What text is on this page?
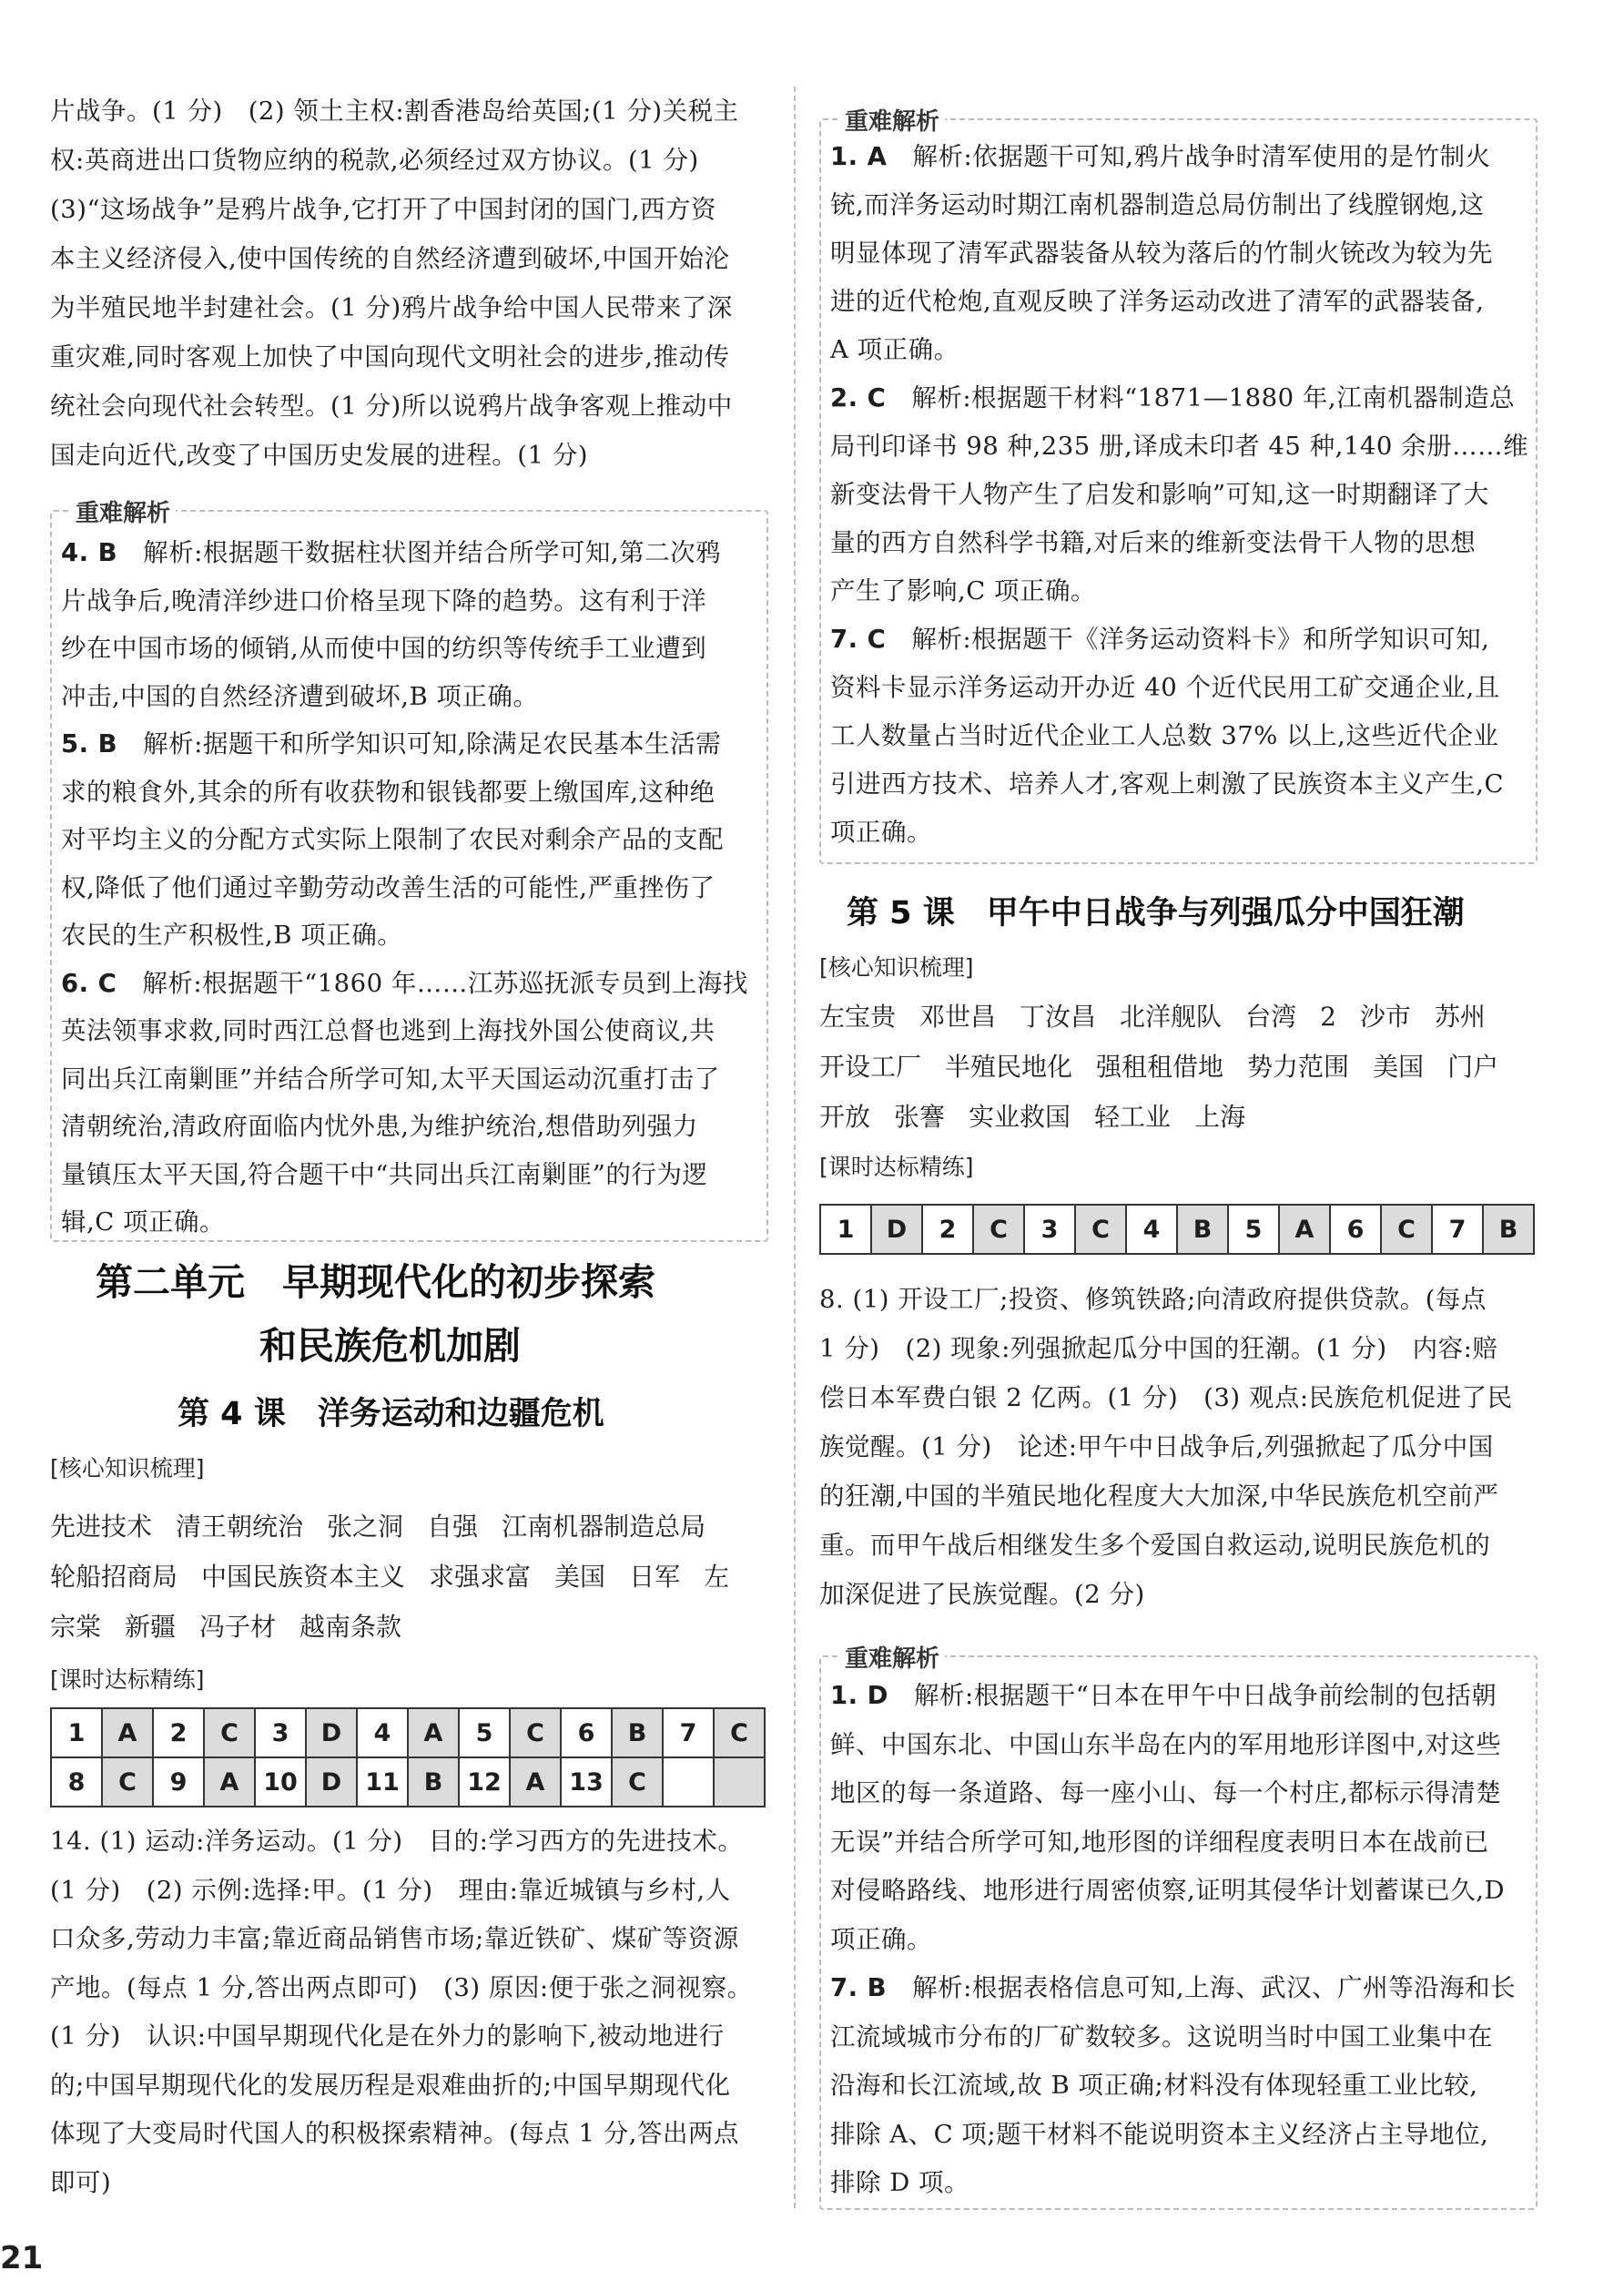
片战争。(1 分)　(2) 领土主权:割香港岛给英国;(1 分)关税主
权:英商进出口货物应纳的税款,必须经过双方协议。(1 分)
(3)“这场战争”是鸦片战争,它打开了中国封闭的国门,西方资
本主义经济侵入,使中国传统的自然经济遭到破坏,中国开始沦
为半殖民地半封建社会。(1 分)鸦片战争给中国人民带来了深
重灾难,同时客观上加快了中国向现代文明社会的进步,推动传
统社会向现代社会转型。(1 分)所以说鸦片战争客观上推动中
国走向近代,改变了中国历史发展的进程。(1 分)
重难解析
4. B　解析:根据题干数据柱状图并结合所学可知,第二次鸦
片战争后,晚清洋纱进口价格呈现下降的趋势。这有利于洋
纱在中国市场的倾销,从而使中国的纺织等传统手工业遭到
冲击,中国的自然经济遭到破坏,B 项正确。
5. B　解析:据题干和所学知识可知,除满足农民基本生活需
求的粮食外,其余的所有收获物和银钱都要上缴国库,这种绝
对平均主义的分配方式实际上限制了农民对剩余产品的支配
权,降低了他们通过辛勤劳动改善生活的可能性,严重挫伤了
农民的生产积极性,B 项正确。
6. C　解析:根据题干“1860 年……江苏巡抚派专员到上海找
英法领事求救,同时西江总督也逃到上海找外国公使商议,共
同出兵江南剿匪”并结合所学可知,太平天国运动沉重打击了
清朝统治,清政府面临内忧外患,为维护统治,想借助列强力
量镇压太平天国,符合题干中“共同出兵江南剿匪”的行为逻
辑,C 项正确。
第二单元　早期现代化的初步探索
和民族危机加剧
第 4 课　洋务运动和边疆危机
[核心知识梳理]
先进技术 清王朝统治 张之洞 自强 江南机器制造总局
轮船招商局 中国民族资本主义 求强求富 美国 日军 左
宗棠 新疆 冯子材 越南条款
[课时达标精练]
1	A	2	C	3	D	4	A	5	C	6	B	7	C
8	C	9	A	10	D	11	B	12	A	13	C		
14. (1) 运动:洋务运动。(1 分)　目的:学习西方的先进技术。
(1 分)　(2) 示例:选择:甲。(1 分)　理由:靠近城镇与乡村,人
口众多,劳动力丰富;靠近商品销售市场;靠近铁矿、煤矿等资源
产地。(每点 1 分,答出两点即可)　(3) 原因:便于张之洞视察。
(1 分)　认识:中国早期现代化是在外力的影响下,被动地进行
的;中国早期现代化的发展历程是艰难曲折的;中国早期现代化
体现了大变局时代国人的积极探索精神。(每点 1 分,答出两点
即可)
重难解析
1. A　解析:依据题干可知,鸦片战争时清军使用的是竹制火
铳,而洋务运动时期江南机器制造总局仿制出了线膛钢炮,这
明显体现了清军武器装备从较为落后的竹制火铳改为较为先
进的近代枪炮,直观反映了洋务运动改进了清军的武器装备,
A 项正确。
2. C　解析:根据题干材料“1871—1880 年,江南机器制造总
局刊印译书 98 种,235 册,译成未印者 45 种,140 余册……维
新变法骨干人物产生了启发和影响”可知,这一时期翻译了大
量的西方自然科学书籍,对后来的维新变法骨干人物的思想
产生了影响,C 项正确。
7. C　解析:根据题干《洋务运动资料卡》和所学知识可知,
资料卡显示洋务运动开办近 40 个近代民用工矿交通企业,且
工人数量占当时近代企业工人总数 37% 以上,这些近代企业
引进西方技术、培养人才,客观上刺激了民族资本主义产生,C
项正确。
第 5 课　甲午中日战争与列强瓜分中国狂潮
[核心知识梳理]
左宝贵 邓世昌 丁汝昌 北洋舰队 台湾 2 沙市 苏州
开设工厂 半殖民地化 强租租借地 势力范围 美国 门户
开放 张謇 实业救国 轻工业 上海
[课时达标精练]
1	D	2	C	3	C	4	B	5	A	6	C	7	B
8. (1) 开设工厂;投资、修筑铁路;向清政府提供贷款。(每点
1 分)　(2) 现象:列强掀起瓜分中国的狂潮。(1 分)　内容:赔
偿日本军费白银 2 亿两。(1 分)　(3) 观点:民族危机促进了民
族觉醒。(1 分)　论述:甲午中日战争后,列强掀起了瓜分中国
的狂潮,中国的半殖民地化程度大大加深,中华民族危机空前严
重。而甲午战后相继发生多个爱国自救运动,说明民族危机的
加深促进了民族觉醒。(2 分)
重难解析
1. D　解析:根据题干“日本在甲午中日战争前绘制的包括朝
鲜、中国东北、中国山东半岛在内的军用地形详图中,对这些
地区的每一条道路、每一座小山、每一个村庄,都标示得清楚
无误”并结合所学可知,地形图的详细程度表明日本在战前已
对侵略路线、地形进行周密侦察,证明其侵华计划蓄谋已久,D
项正确。
7. B　解析:根据表格信息可知,上海、武汉、广州等沿海和长
江流域城市分布的厂矿数较多。这说明当时中国工业集中在
沿海和长江流域,故 B 项正确;材料没有体现轻重工业比较,
排除 A、C 项;题干材料不能说明资本主义经济占主导地位,
排除 D 项。
21
